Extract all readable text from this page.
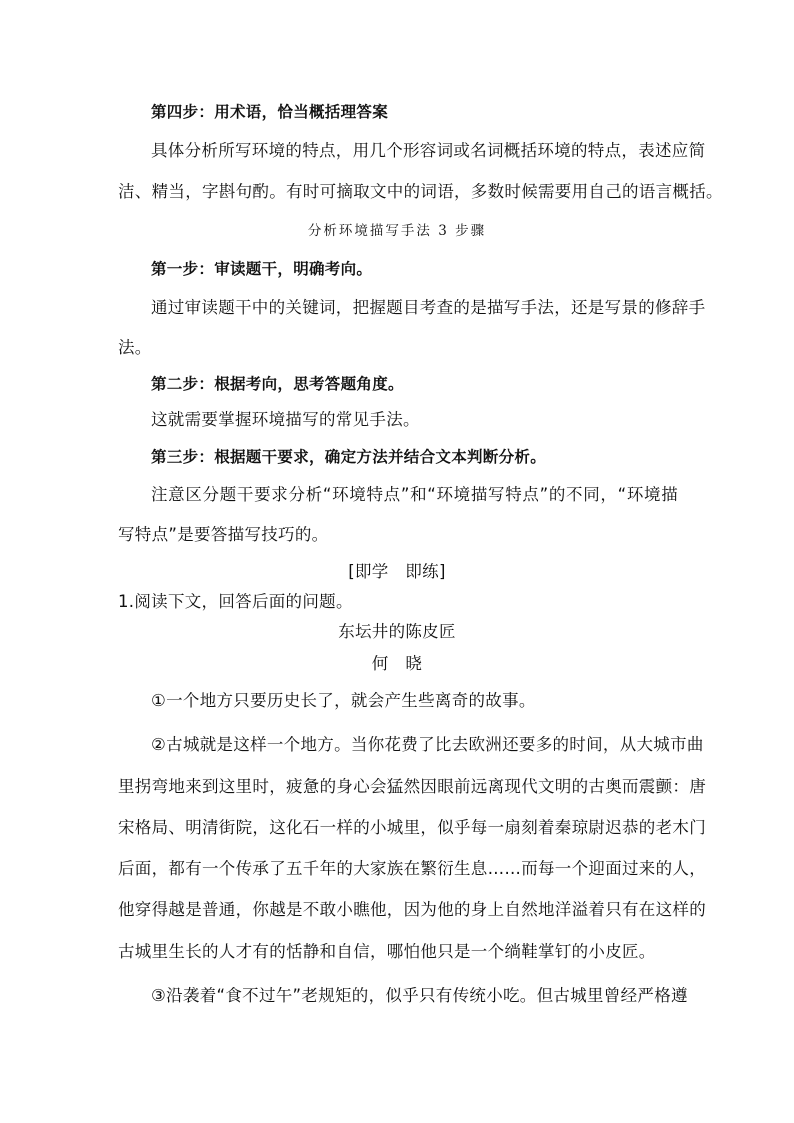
第四步：用术语，恰当概括理答案
具体分析所写环境的特点，用几个形容词或名词概括环境的特点，表述应简
洁、精当，字斟句酌。有时可摘取文中的词语，多数时候需要用自己的语言概括。
分析环境描写手法 3 步骤
第一步：审读题干，明确考向。
通过审读题干中的关键词，把握题目考查的是描写手法，还是写景的修辞手
法。
第二步：根据考向，思考答题角度。
这就需要掌握环境描写的常见手法。
第三步：根据题干要求，确定方法并结合文本判断分析。
注意区分题干要求分析“环境特点”和“环境描写特点”的不同，“环境描
写特点”是要答描写技巧的。
[即学　即练]
1.阅读下文，回答后面的问题。
东坛井的陈皮匠
何　晓
①一个地方只要历史长了，就会产生些离奇的故事。
②古城就是这样一个地方。当你花费了比去欧洲还要多的时间，从大城市曲
里拐弯地来到这里时，疲惫的身心会猛然因眼前远离现代文明的古奥而震颤：唐
宋格局、明清街院，这化石一样的小城里，似乎每一扇刻着秦琼尉迟恭的老木门
后面，都有一个传承了五千年的大家族在繁衍生息……而每一个迎面过来的人，
他穿得越是普通，你越是不敢小瞧他，因为他的身上自然地洋溢着只有在这样的
古城里生长的人才有的恬静和自信，哪怕他只是一个绱鞋掌钉的小皮匠。
③沿袭着“食不过午”老规矩的，似乎只有传统小吃。但古城里曾经严格遵
